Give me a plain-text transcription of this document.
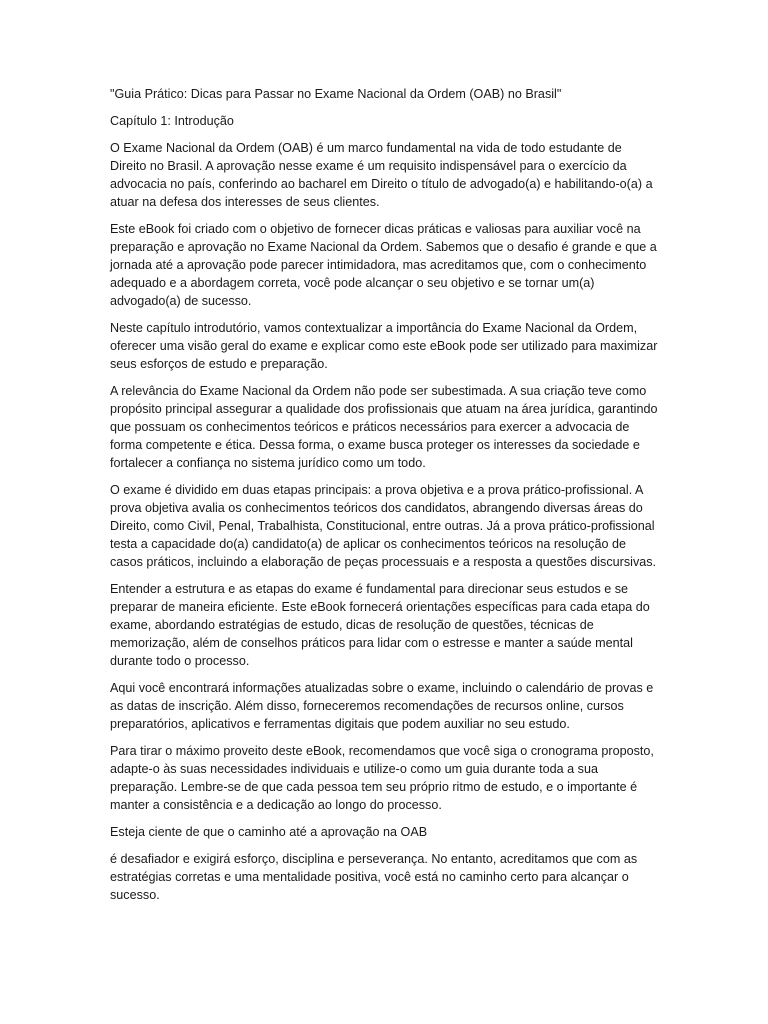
"Guia Prático: Dicas para Passar no Exame Nacional da Ordem (OAB) no Brasil"

Capítulo 1: Introdução

O Exame Nacional da Ordem (OAB) é um marco fundamental na vida de todo estudante de Direito no Brasil. A aprovação nesse exame é um requisito indispensável para o exercício da advocacia no país, conferindo ao bacharel em Direito o título de advogado(a) e habilitando-o(a) a atuar na defesa dos interesses de seus clientes.

Este eBook foi criado com o objetivo de fornecer dicas práticas e valiosas para auxiliar você na preparação e aprovação no Exame Nacional da Ordem. Sabemos que o desafio é grande e que a jornada até a aprovação pode parecer intimidadora, mas acreditamos que, com o conhecimento adequado e a abordagem correta, você pode alcançar o seu objetivo e se tornar um(a) advogado(a) de sucesso.

Neste capítulo introdutório, vamos contextualizar a importância do Exame Nacional da Ordem, oferecer uma visão geral do exame e explicar como este eBook pode ser utilizado para maximizar seus esforços de estudo e preparação.

A relevância do Exame Nacional da Ordem não pode ser subestimada. A sua criação teve como propósito principal assegurar a qualidade dos profissionais que atuam na área jurídica, garantindo que possuam os conhecimentos teóricos e práticos necessários para exercer a advocacia de forma competente e ética. Dessa forma, o exame busca proteger os interesses da sociedade e fortalecer a confiança no sistema jurídico como um todo.

O exame é dividido em duas etapas principais: a prova objetiva e a prova prático-profissional. A prova objetiva avalia os conhecimentos teóricos dos candidatos, abrangendo diversas áreas do Direito, como Civil, Penal, Trabalhista, Constitucional, entre outras. Já a prova prático-profissional testa a capacidade do(a) candidato(a) de aplicar os conhecimentos teóricos na resolução de casos práticos, incluindo a elaboração de peças processuais e a resposta a questões discursivas.

Entender a estrutura e as etapas do exame é fundamental para direcionar seus estudos e se preparar de maneira eficiente. Este eBook fornecerá orientações específicas para cada etapa do exame, abordando estratégias de estudo, dicas de resolução de questões, técnicas de memorização, além de conselhos práticos para lidar com o estresse e manter a saúde mental durante todo o processo.

Aqui você encontrará informações atualizadas sobre o exame, incluindo o calendário de provas e as datas de inscrição. Além disso, forneceremos recomendações de recursos online, cursos preparatórios, aplicativos e ferramentas digitais que podem auxiliar no seu estudo.

Para tirar o máximo proveito deste eBook, recomendamos que você siga o cronograma proposto, adapte-o às suas necessidades individuais e utilize-o como um guia durante toda a sua preparação. Lembre-se de que cada pessoa tem seu próprio ritmo de estudo, e o importante é manter a consistência e a dedicação ao longo do processo.

Esteja ciente de que o caminho até a aprovação na OAB

é desafiador e exigirá esforço, disciplina e perseverança. No entanto, acreditamos que com as estratégias corretas e uma mentalidade positiva, você está no caminho certo para alcançar o sucesso.
